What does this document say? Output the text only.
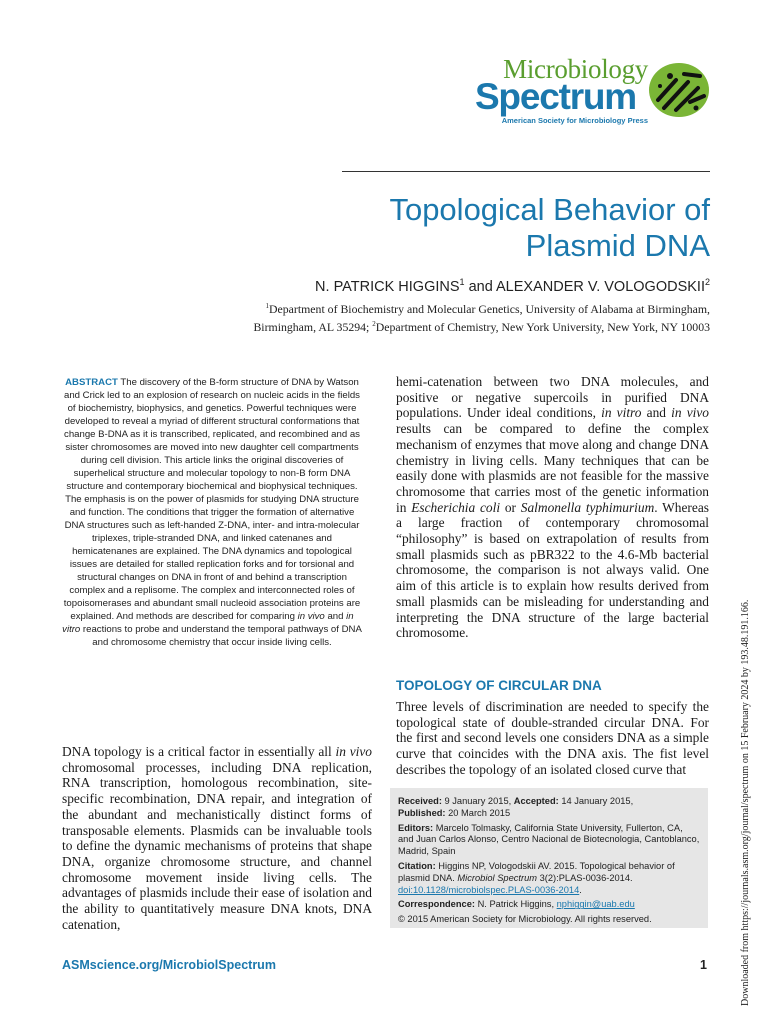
Microbiology
Spectrum
American Society for Microbiology Press
Topological Behavior of
Plasmid DNA
N. PATRICK HIGGINS$^1$ and ALEXANDER V. VOLOGODSKII$^2$
$^1$Department of Biochemistry and Molecular Genetics, University of Alabama at Birmingham,
Birmingham, AL 35294; $^2$Department of Chemistry, New York University, New York, NY 10003
ABSTRACT The discovery of the B-form structure of DNA by Watson and Crick led to an explosion of research on nucleic acids in the fields of biochemistry, biophysics, and genetics. Powerful techniques were developed to reveal a myriad of different structural conformations that change B-DNA as it is transcribed, replicated, and recombined and as sister chromosomes are moved into new daughter cell compartments during cell division. This article links the original discoveries of superhelical structure and molecular topology to non-B form DNA structure and contemporary biochemical and biophysical techniques. The emphasis is on the power of plasmids for studying DNA structure and function. The conditions that trigger the formation of alternative DNA structures such as left-handed Z-DNA, inter- and intra-molecular triplexes, triple-stranded DNA, and linked catenanes and hemicatenanes are explained. The DNA dynamics and topological issues are detailed for stalled replication forks and for torsional and structural changes on DNA in front of and behind a transcription complex and a replisome. The complex and interconnected roles of topoisomerases and abundant small nucleoid association proteins are explained. And methods are described for comparing in vivo and in vitro reactions to probe and understand the temporal pathways of DNA and chromosome chemistry that occur inside living cells.
DNA topology is a critical factor in essentially all in vivo chromosomal processes, including DNA replication, RNA transcription, homologous recombination, site-specific recombination, DNA repair, and integration of the abundant and mechanistically distinct forms of transposable elements. Plasmids can be invaluable tools to define the dynamic mechanisms of proteins that shape DNA, organize chromosome structure, and channel chromosome movement inside living cells. The advantages of plasmids include their ease of isolation and the ability to quantitatively measure DNA knots, DNA catenation,
hemi-catenation between two DNA molecules, and positive or negative supercoils in purified DNA populations. Under ideal conditions, in vitro and in vivo results can be compared to define the complex mechanism of enzymes that move along and change DNA chemistry in living cells. Many techniques that can be easily done with plasmids are not feasible for the massive chromosome that carries most of the genetic information in Escherichia coli or Salmonella typhimurium. Whereas a large fraction of contemporary chromosomal “philosophy” is based on extrapolation of results from small plasmids such as pBR322 to the 4.6-Mb bacterial chromosome, the comparison is not always valid. One aim of this article is to explain how results derived from small plasmids can be misleading for understanding and interpreting the DNA structure of the large bacterial chromosome.
TOPOLOGY OF CIRCULAR DNA
Three levels of discrimination are needed to specify the topological state of double-stranded circular DNA. For the first and second levels one considers DNA as a simple curve that coincides with the DNA axis. The fist level describes the topology of an isolated closed curve that

Received: 9 January 2015, Accepted: 14 January 2015,
Published: 20 March 2015

Editors: Marcelo Tolmasky, California State University, Fullerton, CA, and Juan Carlos Alonso, Centro Nacional de Biotecnologia, Cantoblanco, Madrid, Spain

Citation: Higgins NP, Vologodskii AV. 2015. Topological behavior of plasmid DNA. Microbiol Spectrum 3(2):PLAS-0036-2014.
doi:10.1128/microbiolspec.PLAS-0036-2014.

Correspondence: N. Patrick Higgins, nphiggin@uab.edu

© 2015 American Society for Microbiology. All rights reserved.

ASMscience.org/MicrobiolSpectrum	1	Downloaded from https://journals.asm.org/journal/spectrum on 15 February 2024 by 193.48.191.166.
